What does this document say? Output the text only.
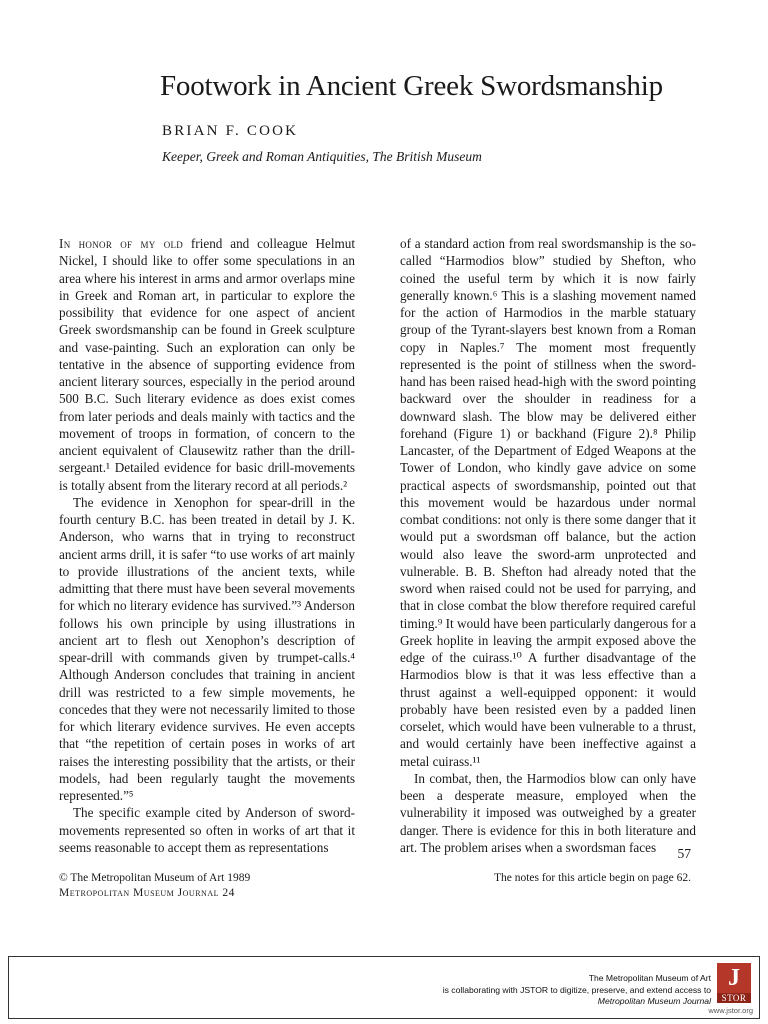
Footwork in Ancient Greek Swordsmanship
BRIAN F. COOK
Keeper, Greek and Roman Antiquities, The British Museum

In honor of my old friend and colleague Helmut Nickel, I should like to offer some speculations in an area where his interest in arms and armor overlaps mine in Greek and Roman art, in particular to explore the possibility that evidence for one aspect of ancient Greek swordsmanship can be found in Greek sculpture and vase-painting. Such an exploration can only be tentative in the absence of supporting evidence from ancient literary sources, especially in the period around 500 B.C. Such literary evidence as does exist comes from later periods and deals mainly with tactics and the movement of troops in formation, of concern to the ancient equivalent of Clausewitz rather than the drill-sergeant.¹ Detailed evidence for basic drill-movements is totally absent from the literary record at all periods.²

The evidence in Xenophon for spear-drill in the fourth century B.C. has been treated in detail by J. K. Anderson, who warns that in trying to reconstruct ancient arms drill, it is safer “to use works of art mainly to provide illustrations of the ancient texts, while admitting that there must have been several movements for which no literary evidence has survived.”³ Anderson follows his own principle by using illustrations in ancient art to flesh out Xenophon’s description of spear-drill with commands given by trumpet-calls.⁴ Although Anderson concludes that training in ancient drill was restricted to a few simple movements, he concedes that they were not necessarily limited to those for which literary evidence survives. He even accepts that “the repetition of certain poses in works of art raises the interesting possibility that the artists, or their models, had been regularly taught the movements represented.”⁵

The specific example cited by Anderson of sword-movements represented so often in works of art that it seems reasonable to accept them as representations

of a standard action from real swordsmanship is the so-called “Harmodios blow” studied by Shefton, who coined the useful term by which it is now fairly generally known.⁶ This is a slashing movement named for the action of Harmodios in the marble statuary group of the Tyrant-slayers best known from a Roman copy in Naples.⁷ The moment most frequently represented is the point of stillness when the sword-hand has been raised head-high with the sword pointing backward over the shoulder in readiness for a downward slash. The blow may be delivered either forehand (Figure 1) or backhand (Figure 2).⁸ Philip Lancaster, of the Department of Edged Weapons at the Tower of London, who kindly gave advice on some practical aspects of swordsmanship, pointed out that this movement would be hazardous under normal combat conditions: not only is there some danger that it would put a swordsman off balance, but the action would also leave the sword-arm unprotected and vulnerable. B. B. Shefton had already noted that the sword when raised could not be used for parrying, and that in close combat the blow therefore required careful timing.⁹ It would have been particularly dangerous for a Greek hoplite in leaving the armpit exposed above the edge of the cuirass.¹⁰ A further disadvantage of the Harmodios blow is that it was less effective than a thrust against a well-equipped opponent: it would probably have been resisted even by a padded linen corselet, which would have been vulnerable to a thrust, and would certainly have been ineffective against a metal cuirass.¹¹

In combat, then, the Harmodios blow can only have been a desperate measure, employed when the vulnerability it imposed was outweighed by a greater danger. There is evidence for this in both literature and art. The problem arises when a swordsman faces	57
© The Metropolitan Museum of Art 1989
Metropolitan Museum Journal 24
The notes for this article begin on page 62.
The Metropolitan Museum of Art
is collaborating with JSTOR to digitize, preserve, and extend access to
Metropolitan Museum Journal
J
STOR
www.jstor.org
